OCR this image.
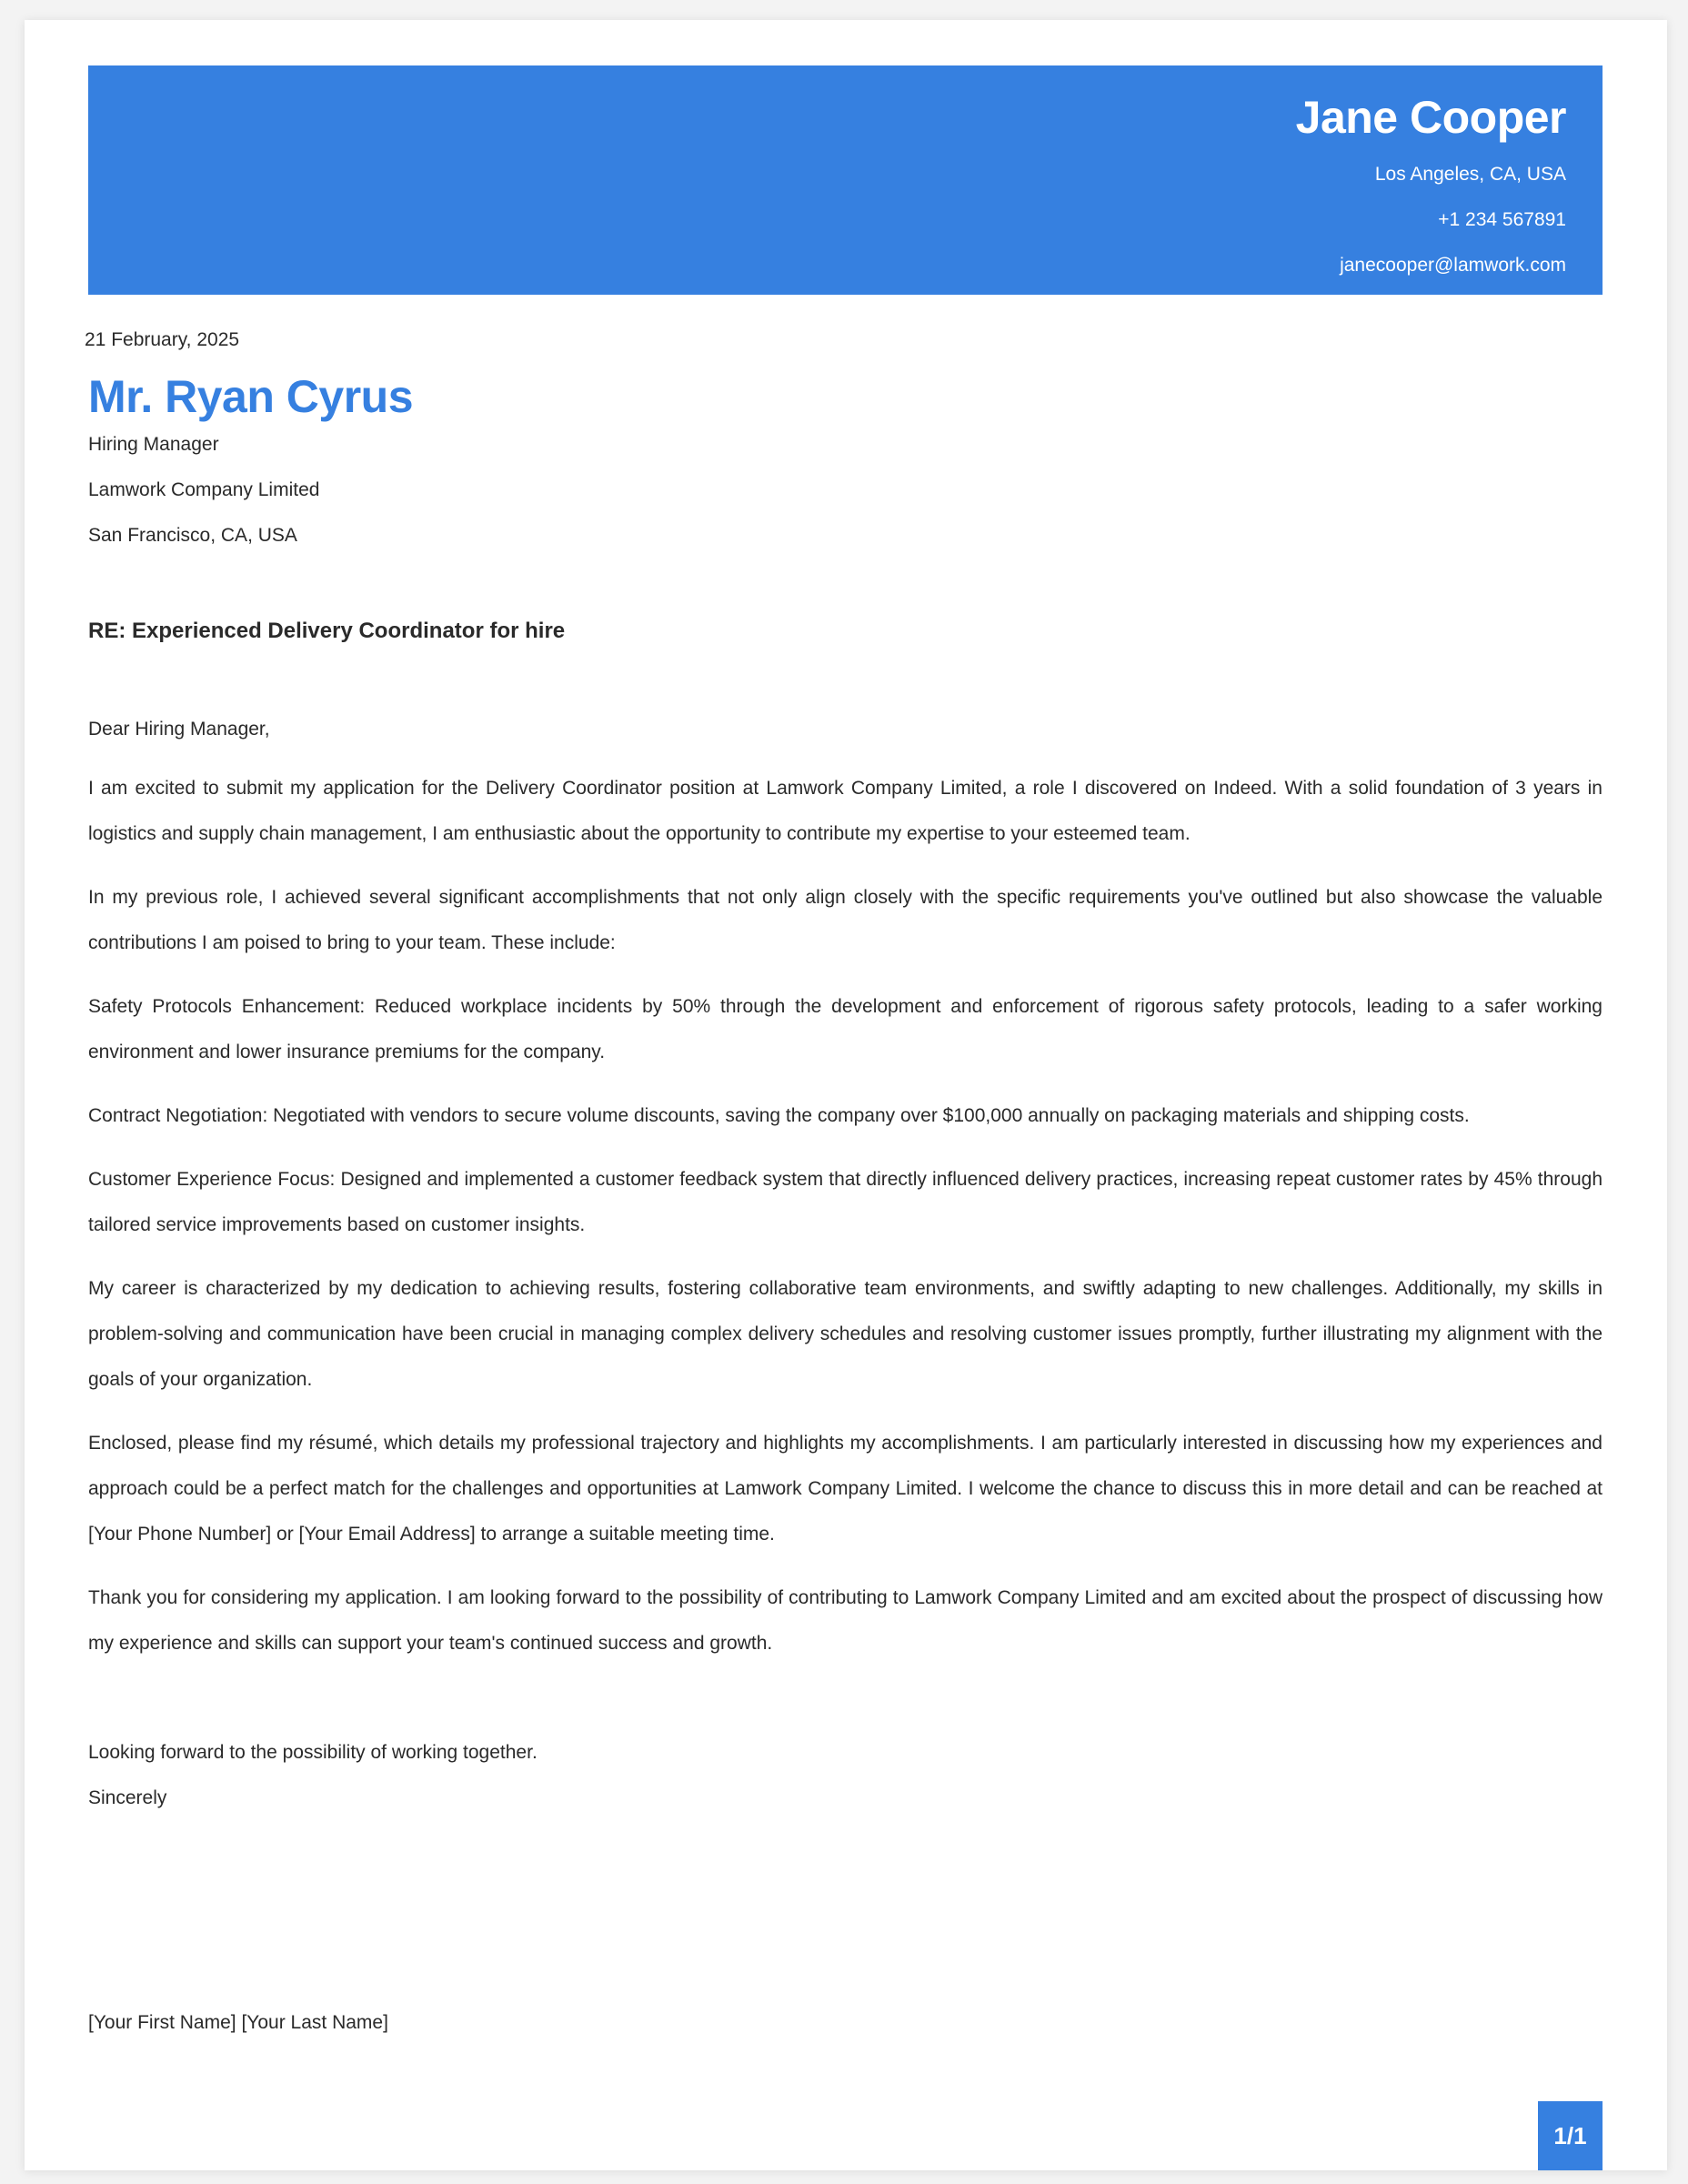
Jane Cooper
Los Angeles, CA, USA
+1 234 567891
janecooper@lamwork.com
21 February, 2025
Mr. Ryan Cyrus
Hiring Manager
Lamwork Company Limited
San Francisco, CA, USA
RE: Experienced Delivery Coordinator for hire
Dear Hiring Manager,

I am excited to submit my application for the Delivery Coordinator position at Lamwork Company Limited, a role I discovered on Indeed. With a solid foundation of 3 years in logistics and supply chain management, I am enthusiastic about the opportunity to contribute my expertise to your esteemed team.

In my previous role, I achieved several significant accomplishments that not only align closely with the specific requirements you've outlined but also showcase the valuable contributions I am poised to bring to your team. These include:

Safety Protocols Enhancement: Reduced workplace incidents by 50% through the development and enforcement of rigorous safety protocols, leading to a safer working environment and lower insurance premiums for the company.

Contract Negotiation: Negotiated with vendors to secure volume discounts, saving the company over $100,000 annually on packaging materials and shipping costs.

Customer Experience Focus: Designed and implemented a customer feedback system that directly influenced delivery practices, increasing repeat customer rates by 45% through tailored service improvements based on customer insights.

My career is characterized by my dedication to achieving results, fostering collaborative team environments, and swiftly adapting to new challenges. Additionally, my skills in problem-solving and communication have been crucial in managing complex delivery schedules and resolving customer issues promptly, further illustrating my alignment with the goals of your organization.

Enclosed, please find my résumé, which details my professional trajectory and highlights my accomplishments. I am particularly interested in discussing how my experiences and approach could be a perfect match for the challenges and opportunities at Lamwork Company Limited. I welcome the chance to discuss this in more detail and can be reached at [Your Phone Number] or [Your Email Address] to arrange a suitable meeting time.

Thank you for considering my application. I am looking forward to the possibility of contributing to Lamwork Company Limited and am excited about the prospect of discussing how my experience and skills can support your team's continued success and growth.

Looking forward to the possibility of working together.
Sincerely
[Your First Name] [Your Last Name]
1/1
